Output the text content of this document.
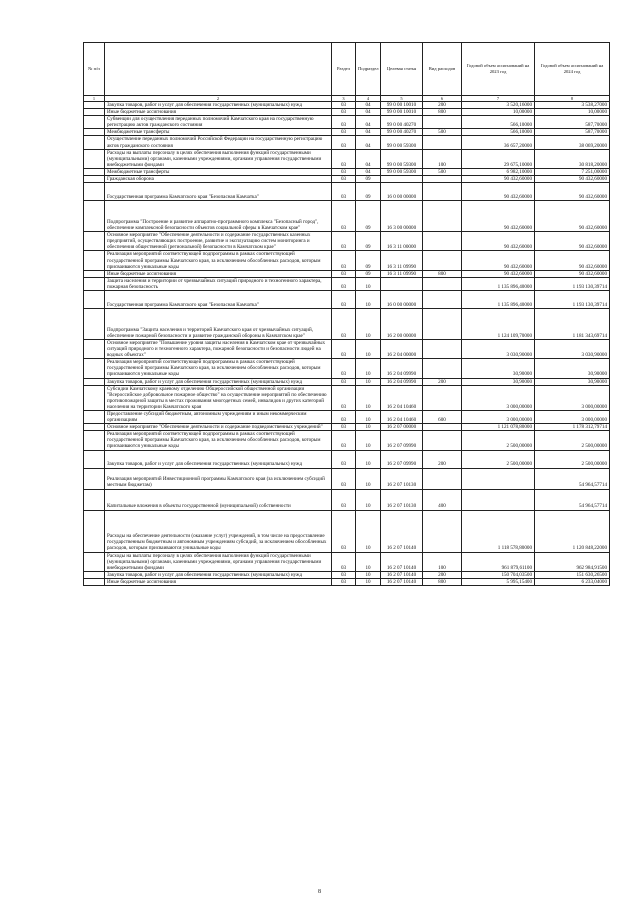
№ п/п		Раздел	Подраздел	Целевая статья	Вид расходов	Годовой объем ассигнований на 2023 год	Годовой объем ассигнований на 2024 год
1	2	3	4	5	6	7	8
	Закупка товаров, работ и услуг для обеспечения государственных (муниципальных) нужд	03	04	99 0 00 10010	200	3 520,16000	3 538,27000
	Иные бюджетные ассигнования	03	04	99 0 00 10010	800	10,00000	10,00000
	Субвенции для осуществления переданных полномочий Камчатского края на государственную регистрацию актов гражданского состояния	03	04	99 0 00 40270		566,10000	587,70000
	Межбюджетные трансферты	03	04	99 0 00 40270	500	566,10000	587,70000
	Осуществление переданных полномочий Российской Федерации на государственную регистрацию актов гражданского состояния	03	04	99 0 00 59300		36 657,20000	38 069,20000
	Расходы на выплаты персоналу в целях обеспечения выполнения функций государственными (муниципальными) органами, казенными учреждениями, органами управления государственными внебюджетными фондами	03	04	99 0 00 59300	100	29 675,10000	30 818,20000
	Межбюджетные трансферты	03	04	99 0 00 59300	500	6 982,10000	7 251,00000
	Гражданская оборона	03	09			90 432,60000	90 432,60000
	Государственная программа Камчатского края "Безопасная Камчатка"	03	09	16 0 00 00000		90 432,60000	90 432,60000
	Подпрограмма "Построение и развитие аппаратно-программного комплекса "Безопасный город", обеспечение комплексной безопасности объектов социальной сферы в Камчатском крае"	03	09	16 3 00 00000		90 432,60000	90 432,60000
	Основное мероприятие "Обеспечение деятельности и содержание государственных казенных предприятий, осуществляющих построение, развитие и эксплуатацию систем мониторинга и обеспечения общественной (региональной) безопасности в Камчатском крае"	03	09	16 3 11 00000		90 432,60000	90 432,60000
	Реализация мероприятий соответствующей подпрограммы в рамках соответствующей государственной программы Камчатского края, за исключением обособленных расходов, которым присваиваются уникальные коды	03	09	16 3 11 09990		90 432,60000	90 432,60000
	Иные бюджетные ассигнования	03	09	16 3 11 09990	800	90 432,60000	90 432,60000
	Защита населения и территории от чрезвычайных ситуаций природного и техногенного характера, пожарная безопасность	03	10			1 135 896,40000	1 193 130,39714
	Государственная программа Камчатского края "Безопасная Камчатка"	03	10	16 0 00 00000		1 135 896,40000	1 193 130,39714
	Подпрограмма "Защита населения и территорий Камчатского края от чрезвычайных ситуаций, обеспечение пожарной безопасности и развитие гражданской обороны в Камчатском крае"	03	10	16 2 00 00000		1 124 109,70000	1 181 343,69714
	Основное мероприятие "Повышение уровня защиты населения в Камчатском крае от чрезвычайных ситуаций природного и техногенного характера, пожарной безопасности и безопасности людей на водных объектах"	03	10	16 2 04 00000		3 030,90000	3 030,90000
	Реализация мероприятий соответствующей подпрограммы в рамках соответствующей государственной программы Камчатского края, за исключением обособленных расходов, которым присваиваются уникальные коды	03	10	16 2 04 09990		30,90000	30,90000
	Закупка товаров, работ и услуг для обеспечения государственных (муниципальных) нужд	03	10	16 2 04 09990	200	30,90000	30,90000
	Субсидии Камчатскому краевому отделению Общероссийской общественной организации "Всероссийское добровольное пожарное общество" на осуществление мероприятий по обеспечению противопожарной защиты в местах проживания многодетных семей, инвалидов и других категорий населения на территории Камчатского края	03	10	16 2 04 10460		3 000,00000	3 000,00000
	Предоставление субсидий бюджетным, автономным учреждениям и иным некоммерческим организациям	03	10	16 2 04 10460	600	3 000,00000	3 000,00000
	Основное мероприятие "Обеспечение деятельности и содержание подведомственных учреждений"	03	10	16 2 07 00000		1 121 078,80000	1 178 312,79714
	Реализация мероприятий соответствующей подпрограммы в рамках соответствующей государственной программы Камчатского края, за исключением обособленных расходов, которым присваиваются уникальные коды	03	10	16 2 07 09990		2 500,00000	2 500,00000
	Закупка товаров, работ и услуг для обеспечения государственных (муниципальных) нужд	03	10	16 2 07 09990	200	2 500,00000	2 500,00000
	Реализация мероприятий Инвестиционной программы Камчатского края (за исключением субсидий местным бюджетам)	03	10	16 2 07 10130			54 964,57714
	Капитальные вложения в объекты государственной (муниципальной) собственности	03	10	16 2 07 10130	400		54 964,57714
	Расходы на обеспечение деятельности (оказание услуг) учреждений, в том числе на предоставление государственным бюджетным и автономным учреждениям субсидий, за исключением обособленных расходов, которым присваиваются уникальные коды	03	10	16 2 07 10140		1 118 578,80000	1 120 848,22000
	Расходы на выплаты персоналу в целях обеспечения выполнения функций государственными (муниципальными) органами, казенными учреждениями, органами управления государственными внебюджетными фондами	03	10	16 2 07 10140	100	961 879,61100	962 984,91500
	Закупка товаров, работ и услуг для обеспечения государственных (муниципальных) нужд	03	10	16 2 07 10140	200	150 704,03500	151 630,26500
	Иные бюджетные ассигнования	03	10	16 2 07 10140	800	5 995,15400	6 233,04000
8
